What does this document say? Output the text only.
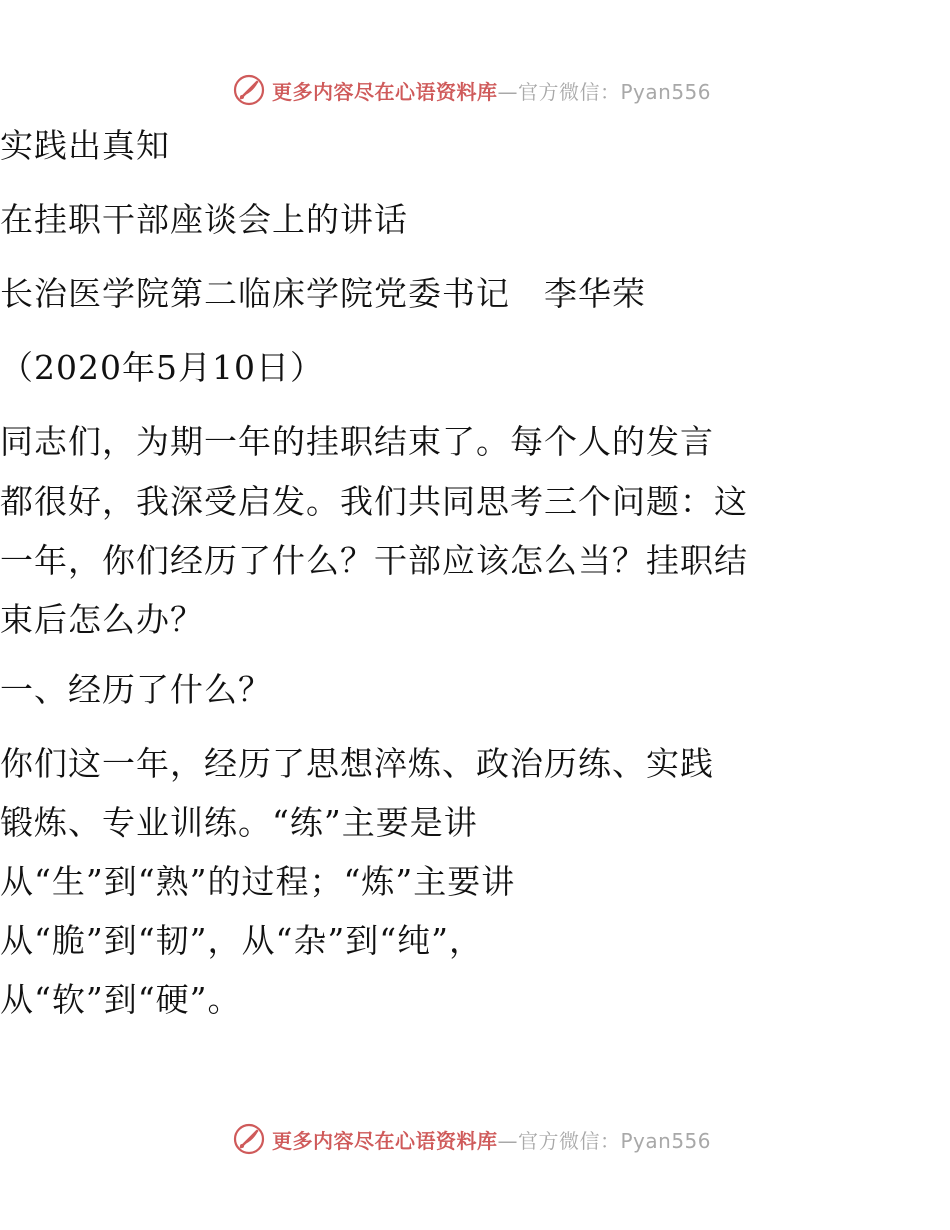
更多内容尽在心语资料库 —官方微信：Pyan556
实践出真知
在挂职干部座谈会上的讲话
长治医学院第二临床学院党委书记　李华荣
（2020年5月10日）
同志们，为期一年的挂职结束了。每个人的发言
都很好，我深受启发。我们共同思考三个问题：这
一年，你们经历了什么？干部应该怎么当？挂职结
束后怎么办？
一、经历了什么？
你们这一年，经历了思想淬炼、政治历练、实践
锻炼、专业训练。“练”主要是讲
从“生”到“熟”的过程；“炼”主要讲
从“脆”到“韧”，从“杂”到“纯”，
从“软”到“硬”。
更多内容尽在心语资料库 —官方微信：Pyan556
